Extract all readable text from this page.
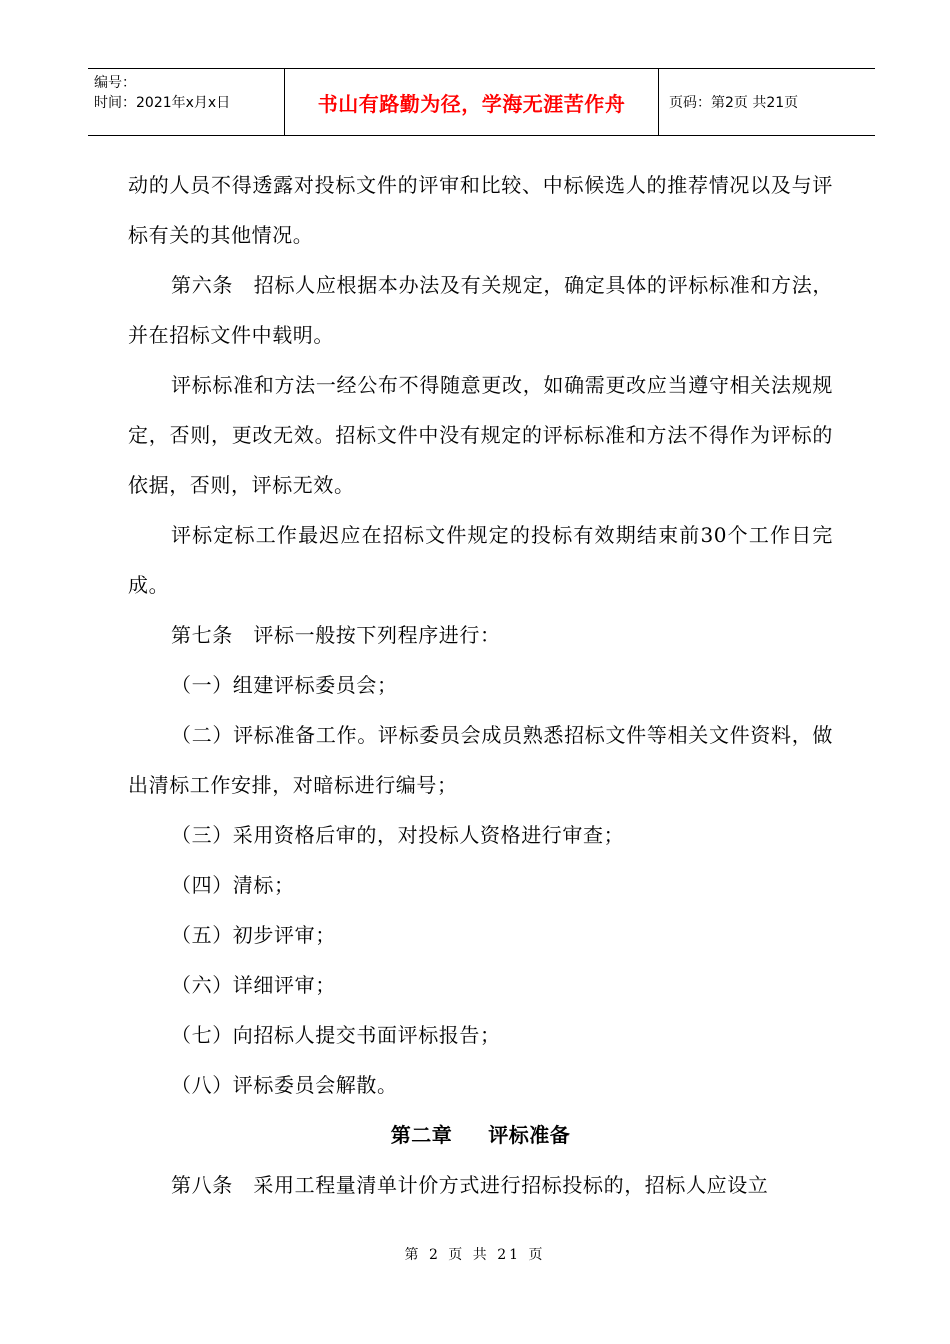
编号：
时间：2021年x月x日	书山有路勤为径，学海无涯苦作舟	页码：第2页 共21页

动的人员不得透露对投标文件的评审和比较、中标候选人的推荐情况以及与评标有关的其他情况。

第六条　招标人应根据本办法及有关规定，确定具体的评标标准和方法，并在招标文件中载明。

评标标准和方法一经公布不得随意更改，如确需更改应当遵守相关法规规定，否则，更改无效。招标文件中没有规定的评标标准和方法不得作为评标的依据，否则，评标无效。

评标定标工作最迟应在招标文件规定的投标有效期结束前30个工作日完成。

第七条　评标一般按下列程序进行：

（一）组建评标委员会；

（二）评标准备工作。评标委员会成员熟悉招标文件等相关文件资料，做出清标工作安排，对暗标进行编号；

（三）采用资格后审的，对投标人资格进行审查；

（四）清标；

（五）初步评审；

（六）详细评审；

（七）向招标人提交书面评标报告；

（八）评标委员会解散。

第二章 评标准备

第八条　采用工程量清单计价方式进行招标投标的，招标人应设立

第 2 页 共 21 页
